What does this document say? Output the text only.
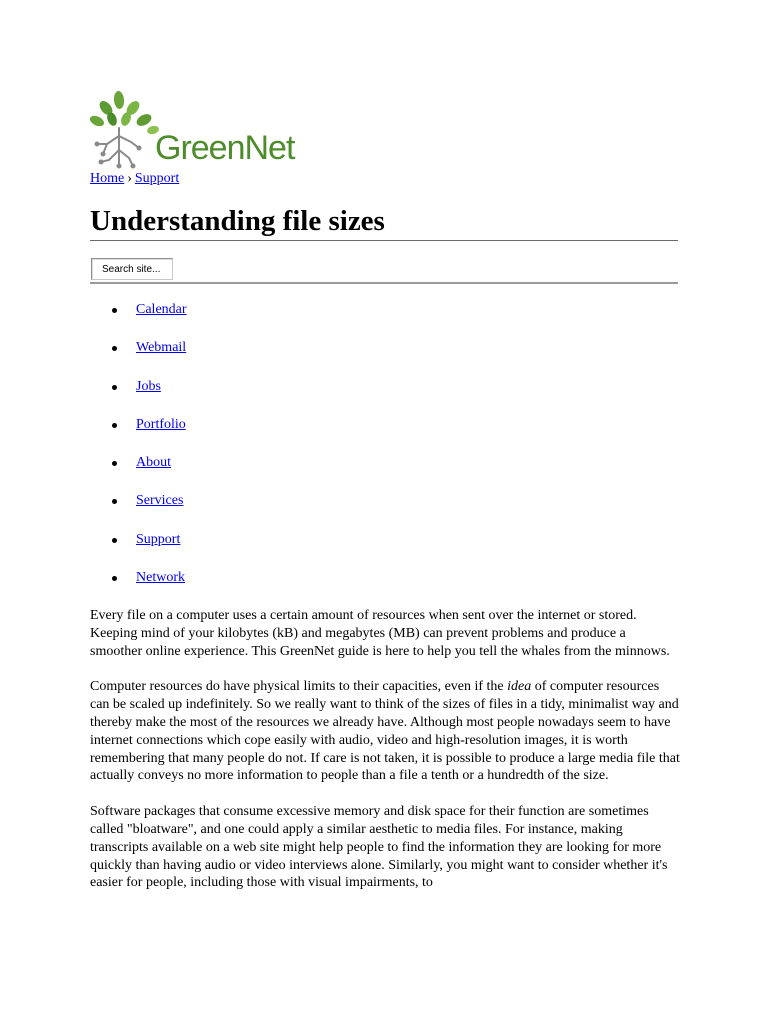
GreenNet
Home › Support
Understanding file sizes
Search site...
Calendar
Webmail
Jobs
Portfolio
About
Services
Support
Network

Every file on a computer uses a certain amount of resources when sent over the internet or stored. Keeping mind of your kilobytes (kB) and megabytes (MB) can prevent problems and produce a smoother online experience. This GreenNet guide is here to help you tell the whales from the minnows.

Computer resources do have physical limits to their capacities, even if the idea of computer resources can be scaled up indefinitely. So we really want to think of the sizes of files in a tidy, minimalist way and thereby make the most of the resources we already have. Although most people nowadays seem to have internet connections which cope easily with audio, video and high-resolution images, it is worth remembering that many people do not. If care is not taken, it is possible to produce a large media file that actually conveys no more information to people than a file a tenth or a hundredth of the size.

Software packages that consume excessive memory and disk space for their function are sometimes called "bloatware", and one could apply a similar aesthetic to media files. For instance, making transcripts available on a web site might help people to find the information they are looking for more quickly than having audio or video interviews alone. Similarly, you might want to consider whether it's easier for people, including those with visual impairments, to
